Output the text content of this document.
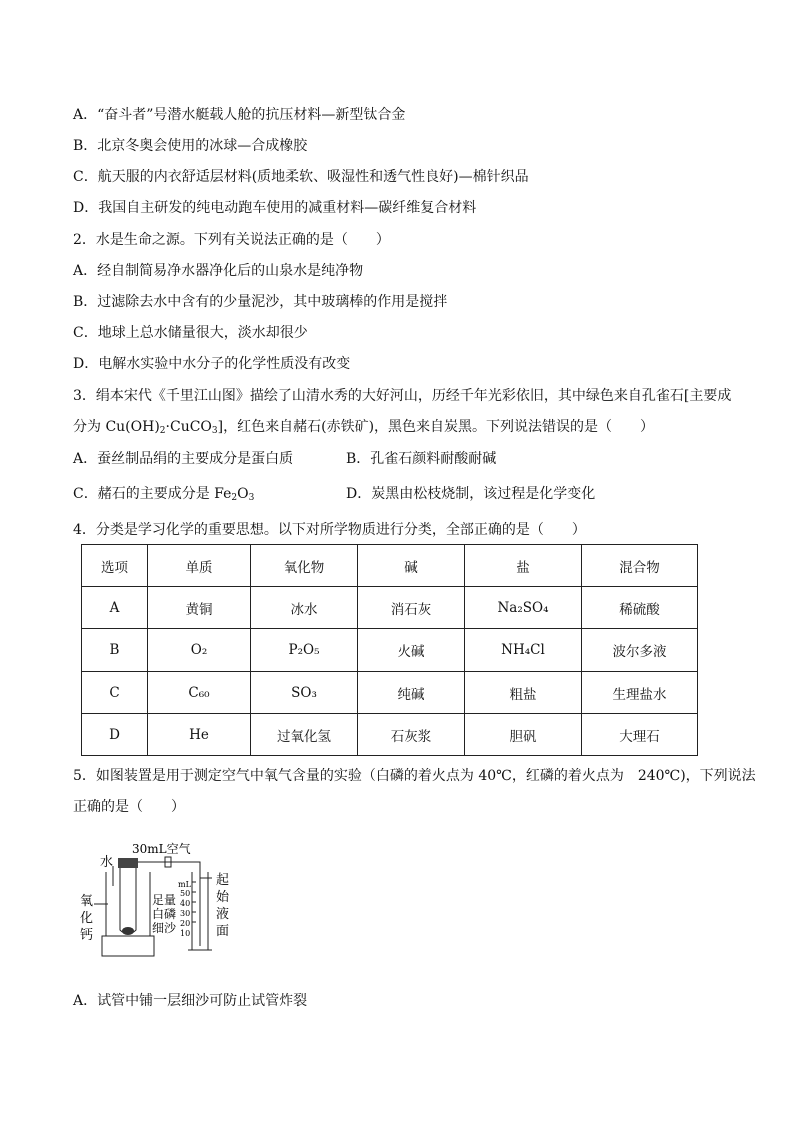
A．“奋斗者”号潜水艇载人舱的抗压材料—新型钛合金
B．北京冬奥会使用的冰球—合成橡胶
C．航天服的内衣舒适层材料(质地柔软、吸湿性和透气性良好)—棉针织品
D．我国自主研发的纯电动跑车使用的减重材料—碳纤维复合材料
2．水是生命之源。下列有关说法正确的是（　　）
A．经自制简易净水器净化后的山泉水是纯净物
B．过滤除去水中含有的少量泥沙，其中玻璃棒的作用是搅拌
C．地球上总水储量很大，淡水却很少
D．电解水实验中水分子的化学性质没有改变
3．绢本宋代《千里江山图》描绘了山清水秀的大好河山，历经千年光彩依旧，其中绿色来自孔雀石[主要成
分为 $Cu(OH)_2\cdot CuCO_3$]，红色来自赭石(赤铁矿)，黑色来自炭黑。下列说法错误的是（　　）
A．蚕丝制品绢的主要成分是蛋白质	B．孔雀石颜料耐酸耐碱
C．赭石的主要成分是 $Fe_2O_3$	D．炭黑由松枝烧制，该过程是化学变化
4．分类是学习化学的重要思想。以下对所学物质进行分类，全部正确的是（　　）
选项	单质	氧化物	碱	盐	混合物
A	黄铜	冰水	消石灰	Na₂SO₄	稀硫酸
B	O₂	P₂O₅	火碱	NH₄Cl	波尔多液
C	C₆₀	SO₃	纯碱	粗盐	生理盐水
D	He	过氧化氢	石灰浆	胆矾	大理石
5．如图装置是用于测定空气中氧气含量的实验（白磷的着火点为 40℃，红磷的着火点为　240℃)，下列说法
正确的是（　　）
水
30mL空气
氧
化
钙
足量
白磷
细沙
mL
50
40
30
20
10
起
始
液
面
A．试管中铺一层细沙可防止试管炸裂
